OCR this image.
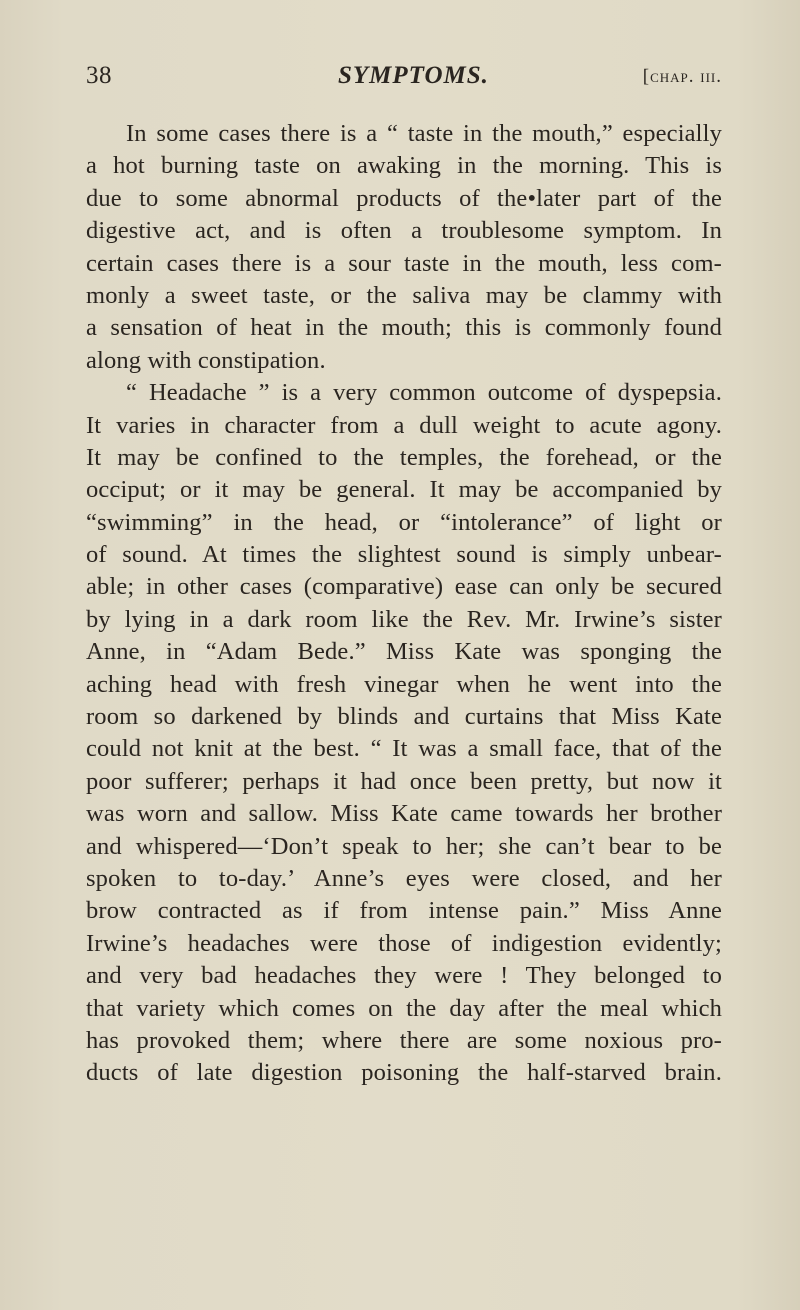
38	SYMPTOMS.	[chap. iii.
In some cases there is a “ taste in the mouth,” especially
a hot burning taste on awaking in the morning. This is
due to some abnormal products of the•later part of the
digestive act, and is often a troublesome symptom. In
certain cases there is a sour taste in the mouth, less com-
monly a sweet taste, or the saliva may be clammy with
a sensation of heat in the mouth; this is commonly found
along with constipation.
“ Headache ” is a very common outcome of dyspepsia.
It varies in character from a dull weight to acute agony.
It may be confined to the temples, the forehead, or the
occiput; or it may be general. It may be accompanied by
“swimming” in the head, or “intolerance” of light or
of sound. At times the slightest sound is simply unbear-
able; in other cases (comparative) ease can only be secured
by lying in a dark room like the Rev. Mr. Irwine’s sister
Anne, in “Adam Bede.” Miss Kate was sponging the
aching head with fresh vinegar when he went into the
room so darkened by blinds and curtains that Miss Kate
could not knit at the best. “ It was a small face, that of the
poor sufferer; perhaps it had once been pretty, but now it
was worn and sallow. Miss Kate came towards her brother
and whispered—‘Don’t speak to her; she can’t bear to be
spoken to to-day.’ Anne’s eyes were closed, and her
brow contracted as if from intense pain.” Miss Anne
Irwine’s headaches were those of indigestion evidently;
and very bad headaches they were ! They belonged to
that variety which comes on the day after the meal which
has provoked them; where there are some noxious pro-
ducts of late digestion poisoning the half-starved brain.
